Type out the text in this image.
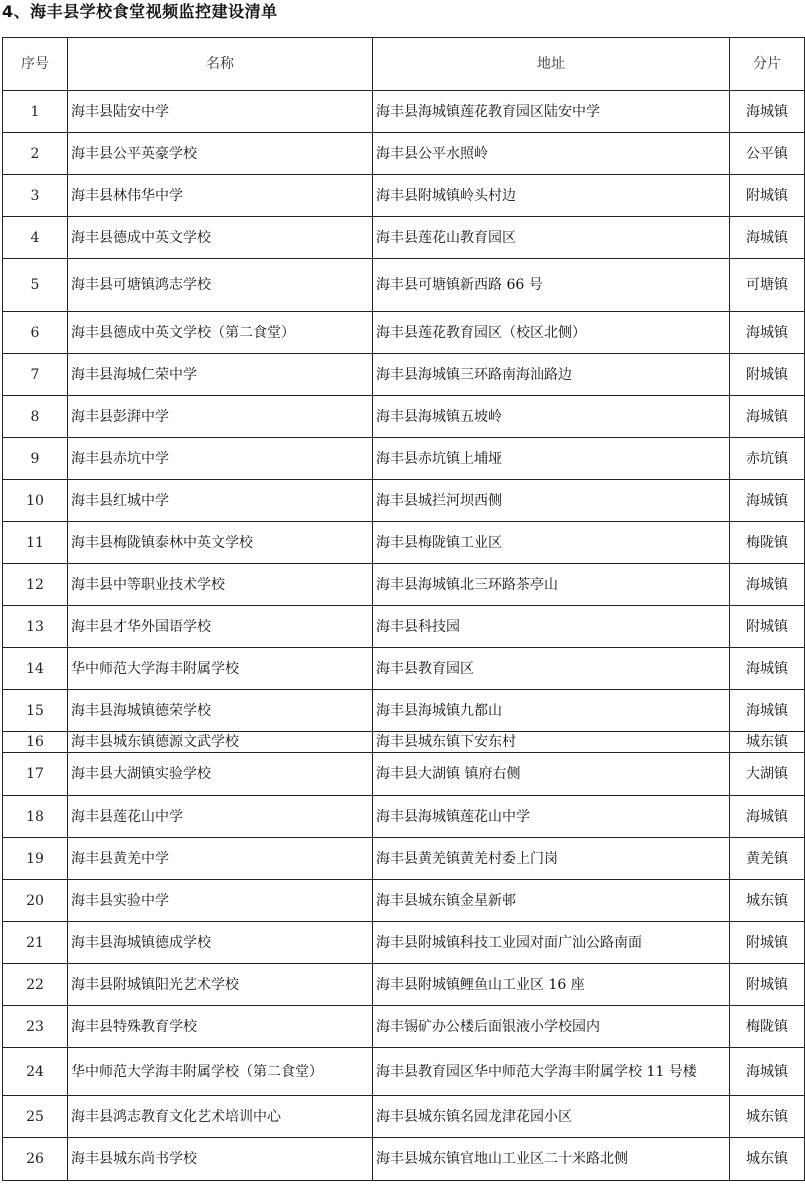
4、海丰县学校食堂视频监控建设清单
序号	名称	地址	分片
1	海丰县陆安中学	海丰县海城镇莲花教育园区陆安中学	海城镇
2	海丰县公平英豪学校	海丰县公平水照岭	公平镇
3	海丰县林伟华中学	海丰县附城镇岭头村边	附城镇
4	海丰县德成中英文学校	海丰县莲花山教育园区	海城镇
5	海丰县可塘镇鸿志学校	海丰县可塘镇新西路 66 号	可塘镇
6	海丰县德成中英文学校（第二食堂）	海丰县莲花教育园区（校区北侧）	海城镇
7	海丰县海城仁荣中学	海丰县海城镇三环路南海汕路边	附城镇
8	海丰县彭湃中学	海丰县海城镇五坡岭	海城镇
9	海丰县赤坑中学	海丰县赤坑镇上埔垭	赤坑镇
10	海丰县红城中学	海丰县城拦河坝西侧	海城镇
11	海丰县梅陇镇泰林中英文学校	海丰县梅陇镇工业区	梅陇镇
12	海丰县中等职业技术学校	海丰县海城镇北三环路茶亭山	海城镇
13	海丰县才华外国语学校	海丰县科技园	附城镇
14	华中师范大学海丰附属学校	海丰县教育园区	海城镇
15	海丰县海城镇德荣学校	海丰县海城镇九都山	海城镇
16	海丰县城东镇德源文武学校	海丰县城东镇下安东村	城东镇
17	海丰县大湖镇实验学校	海丰县大湖镇 镇府右侧	大湖镇
18	海丰县莲花山中学	海丰县海城镇莲花山中学	海城镇
19	海丰县黄羌中学	海丰县黄羌镇黄羌村委上门岗	黄羌镇
20	海丰县实验中学	海丰县城东镇金星新邨	城东镇
21	海丰县海城镇德成学校	海丰县附城镇科技工业园对面广汕公路南面	附城镇
22	海丰县附城镇阳光艺术学校	海丰县附城镇鲤鱼山工业区 16 座	附城镇
23	海丰县特殊教育学校	海丰锡矿办公楼后面银液小学校园内	梅陇镇
24	华中师范大学海丰附属学校（第二食堂）	海丰县教育园区华中师范大学海丰附属学校 11 号楼	海城镇
25	海丰县鸿志教育文化艺术培训中心	海丰县城东镇名园龙津花园小区	城东镇
26	海丰县城东尚书学校	海丰县城东镇官地山工业区二十米路北侧	城东镇
